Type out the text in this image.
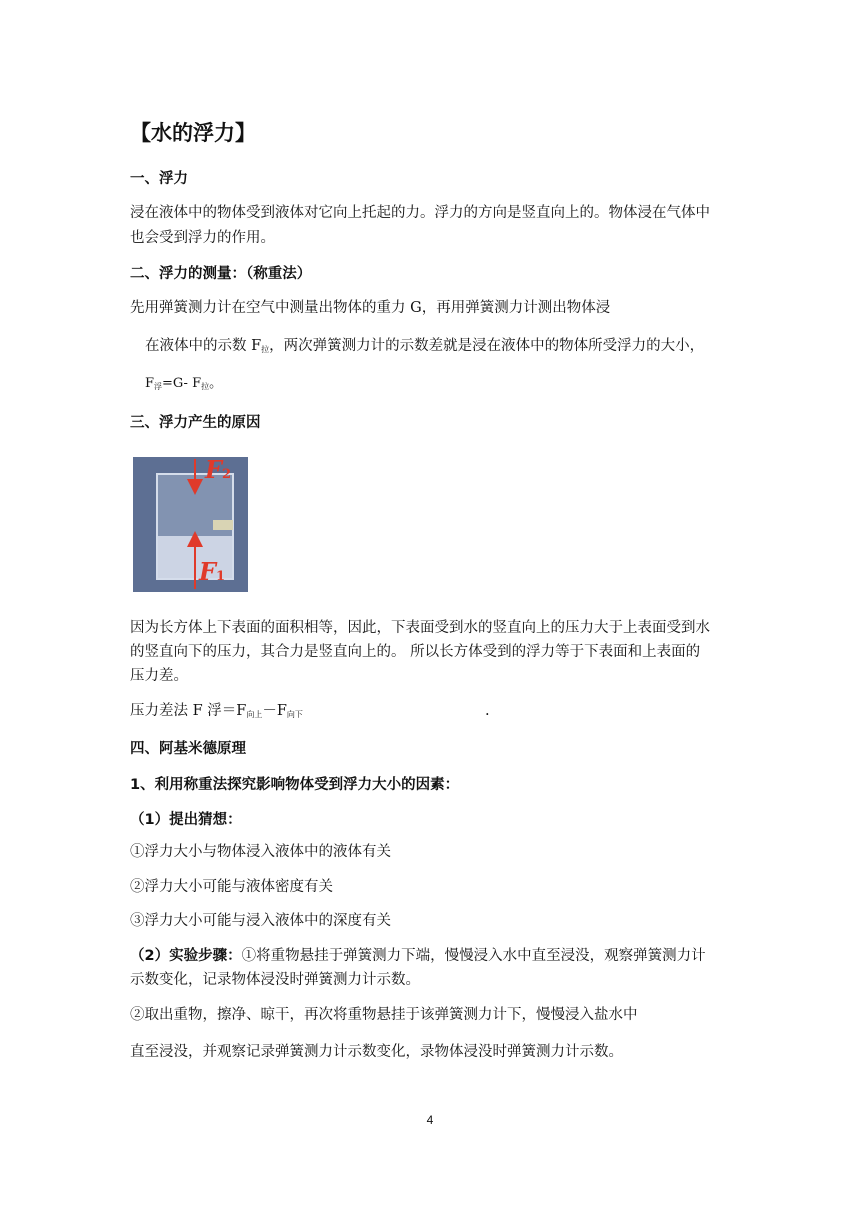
【水的浮力】
一、浮力
浸在液体中的物体受到液体对它向上托起的力。浮力的方向是竖直向上的。物体浸在气体中
也会受到浮力的作用。
二、浮力的测量：（称重法）
先用弹簧测力计在空气中测量出物体的重力 G，再用弹簧测力计测出物体浸
在液体中的示数 $F_拉$，两次弹簧测力计的示数差就是浸在液体中的物体所受浮力的大小，
$F_浮=G-$ $F_拉$。
三、浮力产生的原因
F2
F1
因为长方体上下表面的面积相等，因此，下表面受到水的竖直向上的压力大于上表面受到水
的竖直向下的压力，其合力是竖直向上的。 所以长方体受到的浮力等于下表面和上表面的
压力差。
压力差法 F 浮$=F_{向上}-F_{向下}$	.
四、阿基米德原理
1、利用称重法探究影响物体受到浮力大小的因素：
（1）提出猜想：
①浮力大小与物体浸入液体中的液体有关
②浮力大小可能与液体密度有关
③浮力大小可能与浸入液体中的深度有关
（2）实验步骤：①将重物悬挂于弹簧测力下端，慢慢浸入水中直至浸没，观察弹簧测力计
示数变化，记录物体浸没时弹簧测力计示数。
②取出重物，擦净、晾干，再次将重物悬挂于该弹簧测力计下，慢慢浸入盐水中
直至浸没，并观察记录弹簧测力计示数变化，录物体浸没时弹簧测力计示数。
4
